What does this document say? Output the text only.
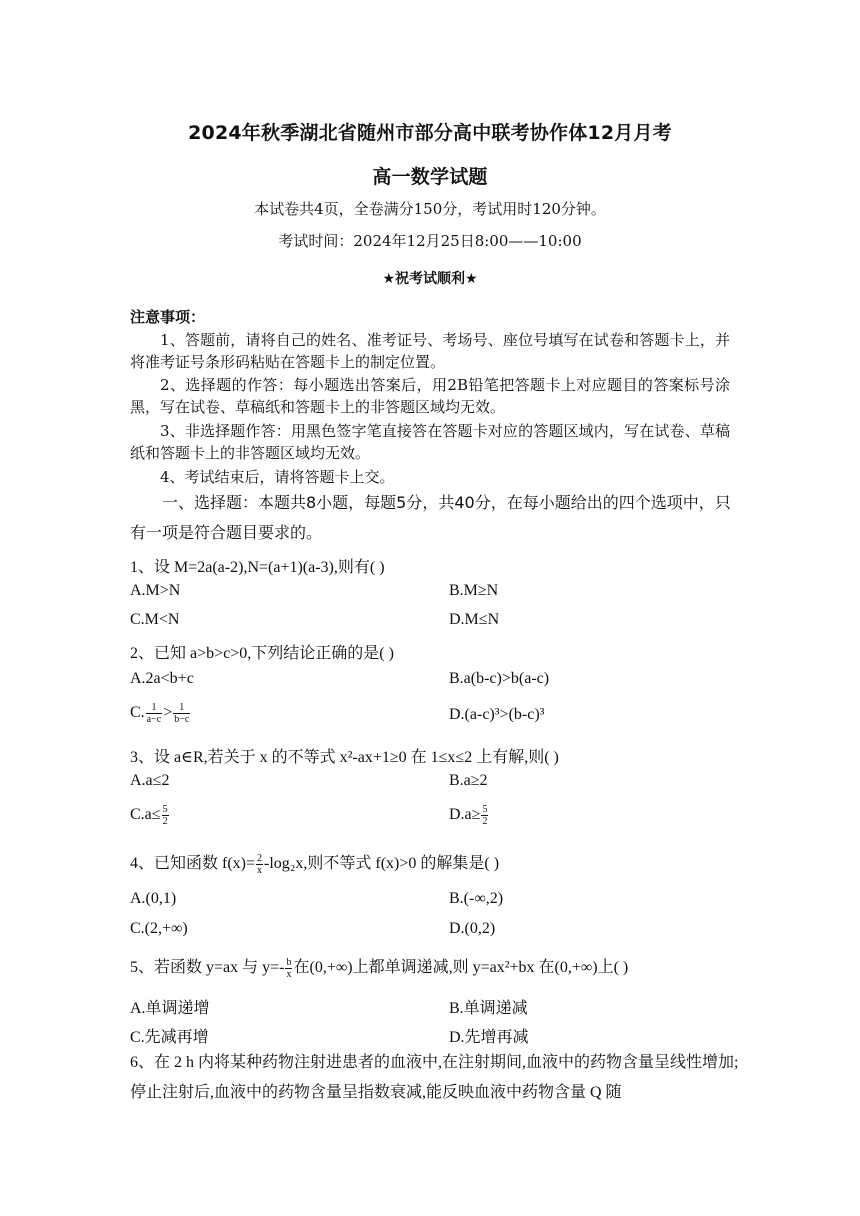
2024年秋季湖北省随州市部分高中联考协作体12月月考
高一数学试题
本试卷共4页，全卷满分150分，考试用时120分钟。
考试时间：2024年12月25日8:00——10:00
★祝考试顺利★
注意事项：
1、答题前，请将自己的姓名、准考证号、考场号、座位号填写在试卷和答题卡上，并将准考证号条形码粘贴在答题卡上的制定位置。
2、选择题的作答：每小题选出答案后，用2B铅笔把答题卡上对应题目的答案标号涂黑，写在试卷、草稿纸和答题卡上的非答题区域均无效。
3、非选择题作答：用黑色签字笔直接答在答题卡对应的答题区域内，写在试卷、草稿纸和答题卡上的非答题区域均无效。
4、考试结束后，请将答题卡上交。
一、选择题：本题共8小题，每题5分，共40分，在每小题给出的四个选项中，只有一项是符合题目要求的。
1、设 M=2a(a-2),N=(a+1)(a-3),则有( )
A.M>N	B.M≥N
C.M<N	D.M≤N
2、已知 a>b>c>0,下列结论正确的是( )
A.2a<b+c	B.a(b-c)>b(a-c)
C. $\frac{1}{a-c} > \frac{1}{b-c}$	D.(a-c)³>(b-c)³
3、设 a∈R,若关于 x 的不等式 x²-ax+1≥0 在 1≤x≤2 上有解,则( )
A.a≤2	B.a≥2
$C.a\le \frac{5}{2}$	$D.a\ge \frac{5}{2}$
4、已知函数 $f(x)= \frac{2}{x} -\log_2x$,则不等式 f(x)>0 的解集是( )
A.(0,1)	B.(-∞,2)
C.(2,+∞)	D.(0,2)
5、若函数 y=ax 与 $y=- \frac{b}{x}$ 在(0,+∞)上都单调递减,则 y=ax²+bx 在(0,+∞)上( )
A.单调递增	B.单调递减
C.先减再增	D.先增再减
6、在 2 h 内将某种药物注射进患者的血液中,在注射期间,血液中的药物含量呈线性增加;停止注射后,血液中的药物含量呈指数衰减,能反映血液中药物含量 Q 随
